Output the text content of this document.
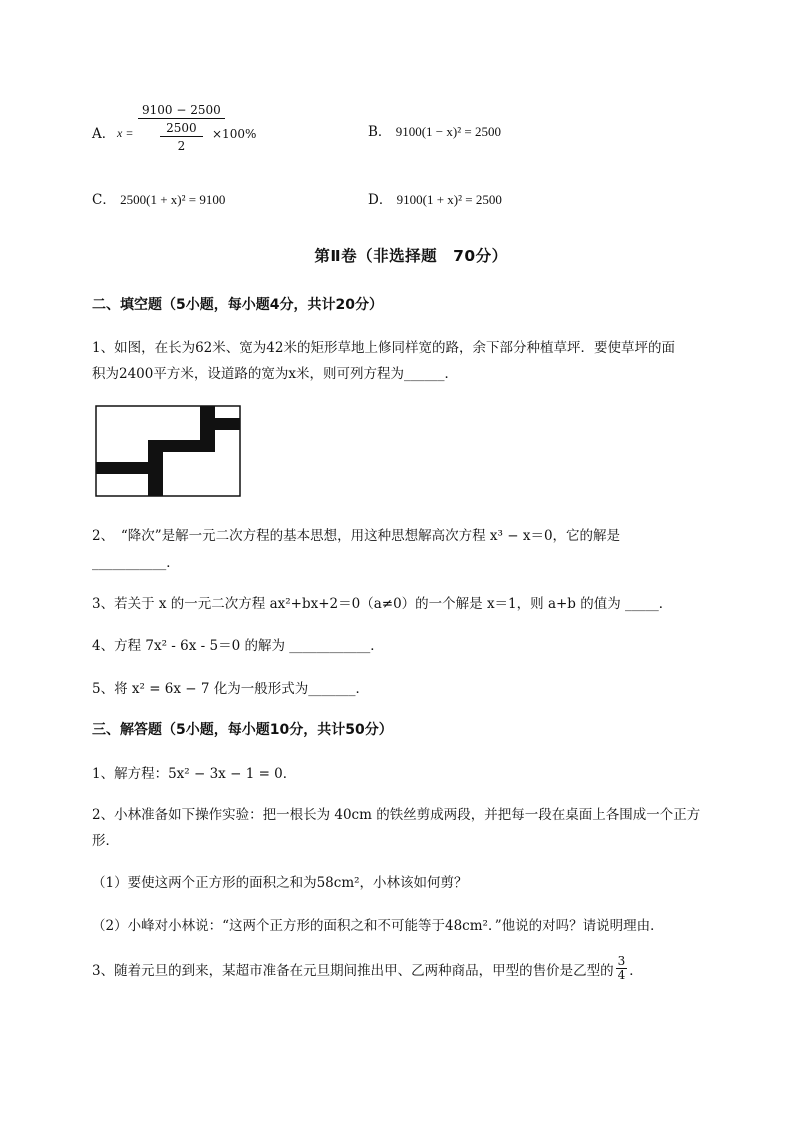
A． x =
9100 − 2500
2500
2
×100%	B． 9100(1 − x)² = 2500
C． 2500(1 + x)² = 9100	D． 9100(1 + x)² = 2500
第Ⅱ卷（非选择题　70分）
二、填空题（5小题，每小题4分，共计20分）
1、如图，在长为62米、宽为42米的矩形草地上修同样宽的路，余下部分种植草坪．要使草坪的面
积为2400平方米，设道路的宽为x米，则可列方程为______．
2、　“降次”是解一元二次方程的基本思想，用这种思想解高次方程 x³ − x＝0，它的解是
___________．
3、若关于 x 的一元二次方程 ax²+bx+2＝0（a≠0）的一个解是 x＝1，则 a+b 的值为 _____．
4、方程 7x² - 6x - 5＝0 的解为 ____________．
5、将 x² = 6x − 7 化为一般形式为_______．
三、解答题（5小题，每小题10分，共计50分）
1、解方程：5x² − 3x − 1 = 0．
2、小林准备如下操作实验：把一根长为 40cm 的铁丝剪成两段，并把每一段在桌面上各围成一个正方
形．
（1）要使这两个正方形的面积之和为58cm²，小林该如何剪？
（2）小峰对小林说：“这两个正方形的面积之和不可能等于48cm²．”他说的对吗？请说明理由．
3、随着元旦的到来，某超市准备在元旦期间推出甲、乙两种商品，甲型的售价是乙型的 $\frac{3}{4}$ ．
